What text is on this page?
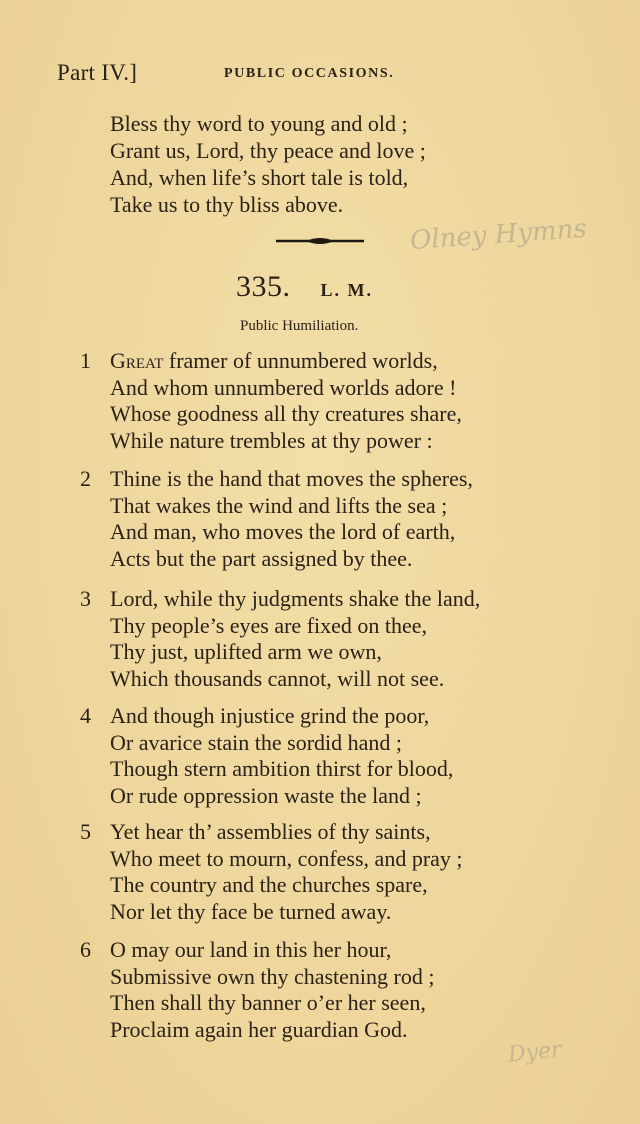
Part IV.]	PUBLIC OCCASIONS.
Bless thy word to young and old ;
Grant us, Lord, thy peace and love ;
And, when life’s short tale is told,
Take us to thy bliss above.
Olney Hymns
335. L. M.
Public Humiliation.
1 Great framer of unnumbered worlds,
And whom unnumbered worlds adore !
Whose goodness all thy creatures share,
While nature trembles at thy power :
2 Thine is the hand that moves the spheres,
That wakes the wind and lifts the sea ;
And man, who moves the lord of earth,
Acts but the part assigned by thee.
3 Lord, while thy judgments shake the land,
Thy people’s eyes are fixed on thee,
Thy just, uplifted arm we own,
Which thousands cannot, will not see.
4 And though injustice grind the poor,
Or avarice stain the sordid hand ;
Though stern ambition thirst for blood,
Or rude oppression waste the land ;
5 Yet hear th’ assemblies of thy saints,
Who meet to mourn, confess, and pray ;
The country and the churches spare,
Nor let thy face be turned away.
6 O may our land in this her hour,
Submissive own thy chastening rod ;
Then shall thy banner o’er her seen,
Proclaim again her guardian God.
Dyer
